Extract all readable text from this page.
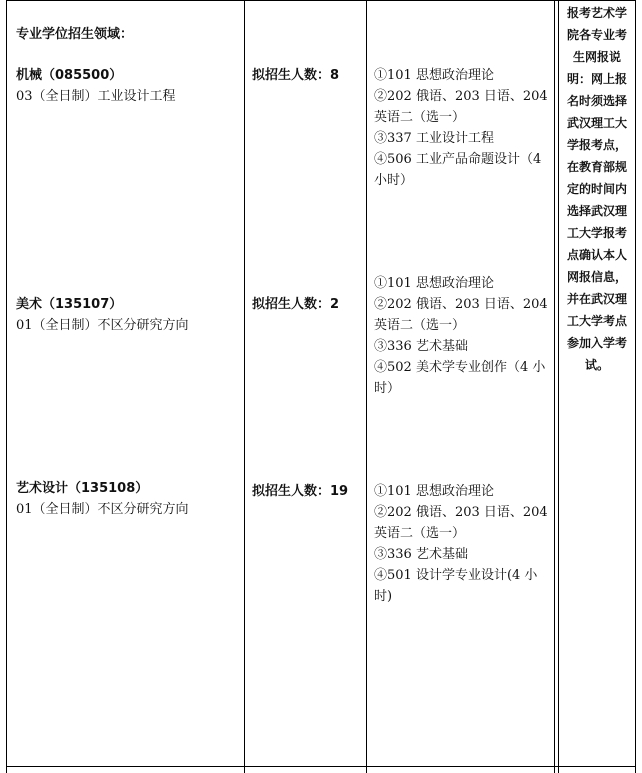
专业学位招生领域：
机械（085500）
03（全日制）工业设计工程
拟招生人数：8	①101 思想政治理论
②202 俄语、203 日语、204 英语二（选一）
③337 工业设计工程
④506 工业产品命题设计（4 小时）
美术（135107）
01（全日制）不区分研究方向
拟招生人数：2
①101 思想政治理论
②202 俄语、203 日语、204 英语二（选一）
③336 艺术基础
④502 美术学专业创作（4 小时）
艺术设计（135108）
01（全日制）不区分研究方向
拟招生人数：19 ①101 思想政治理论
②202 俄语、203 日语、204 英语二（选一）
③336 艺术基础
④501 设计学专业设计(4 小时)
报考艺术学院各专业考生网报说明：网上报名时须选择武汉理工大学报考点，在教育部规定的时间内选择武汉理工大学报考点确认本人网报信息，并在武汉理工大学考点参加入学考试。
